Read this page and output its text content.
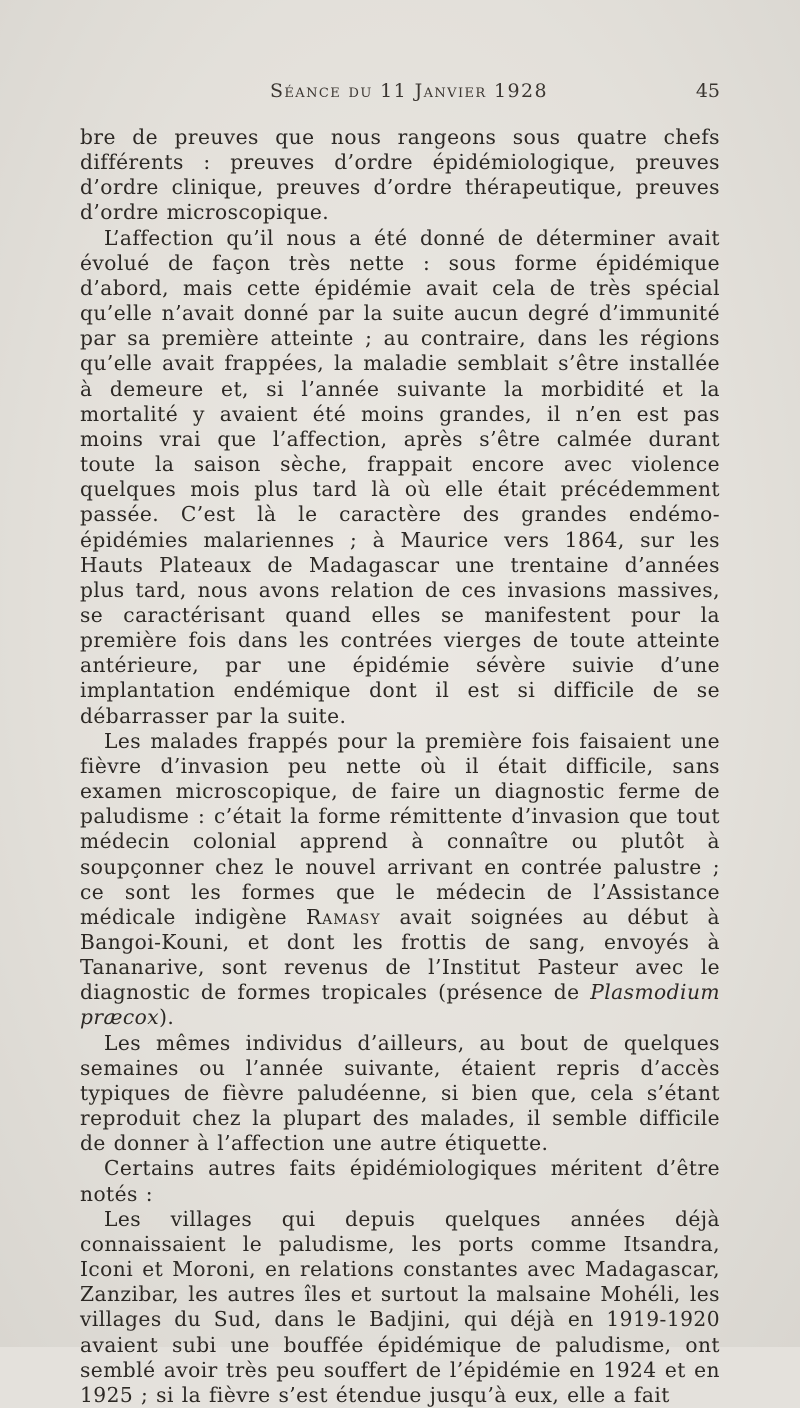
Séance du 11 Janvier 1928	45

bre de preuves que nous rangeons sous quatre chefs différents : preuves d’ordre épidémiologique, preuves d’ordre clinique, preuves d’ordre thérapeutique, preuves d’ordre microscopique.

L’affection qu’il nous a été donné de déterminer avait évolué de façon très nette : sous forme épidémique d’abord, mais cette épidémie avait cela de très spécial qu’elle n’avait donné par la suite aucun degré d’immunité par sa première atteinte ; au contraire, dans les régions qu’elle avait frappées, la maladie semblait s’être installée à demeure et, si l’année suivante la morbidité et la mortalité y avaient été moins grandes, il n’en est pas moins vrai que l’affection, après s’être calmée durant toute la saison sèche, frappait encore avec violence quelques mois plus tard là où elle était précédemment passée. C’est là le caractère des grandes endémo-épidémies malariennes ; à Maurice vers 1864, sur les Hauts Plateaux de Madagascar une trentaine d’années plus tard, nous avons relation de ces invasions massives, se caractérisant quand elles se manifestent pour la première fois dans les contrées vierges de toute atteinte antérieure, par une épidémie sévère suivie d’une implantation endémique dont il est si difficile de se débarrasser par la suite.

Les malades frappés pour la première fois faisaient une fièvre d’invasion peu nette où il était difficile, sans examen microscopique, de faire un diagnostic ferme de paludisme : c’était la forme rémittente d’invasion que tout médecin colonial apprend à connaître ou plutôt à soupçonner chez le nouvel arrivant en contrée palustre ; ce sont les formes que le médecin de l’Assistance médicale indigène Ramasy avait soignées au début à Bangoi-Kouni, et dont les frottis de sang, envoyés à Tananarive, sont revenus de l’Institut Pasteur avec le diagnostic de formes tropicales (présence de Plasmodium præcox).

Les mêmes individus d’ailleurs, au bout de quelques semaines ou l’année suivante, étaient repris d’accès typiques de fièvre paludéenne, si bien que, cela s’étant reproduit chez la plupart des malades, il semble difficile de donner à l’affection une autre étiquette.

Certains autres faits épidémiologiques méritent d’être notés :

Les villages qui depuis quelques années déjà connaissaient le paludisme, les ports comme Itsandra, Iconi et Moroni, en relations constantes avec Madagascar, Zanzibar, les autres îles et surtout la malsaine Mohéli, les villages du Sud, dans le Badjini, qui déjà en 1919-1920 avaient subi une bouffée épidémique de paludisme, ont semblé avoir très peu souffert de l’épidémie en 1924 et en 1925 ; si la fièvre s’est étendue jusqu’à eux, elle a fait
